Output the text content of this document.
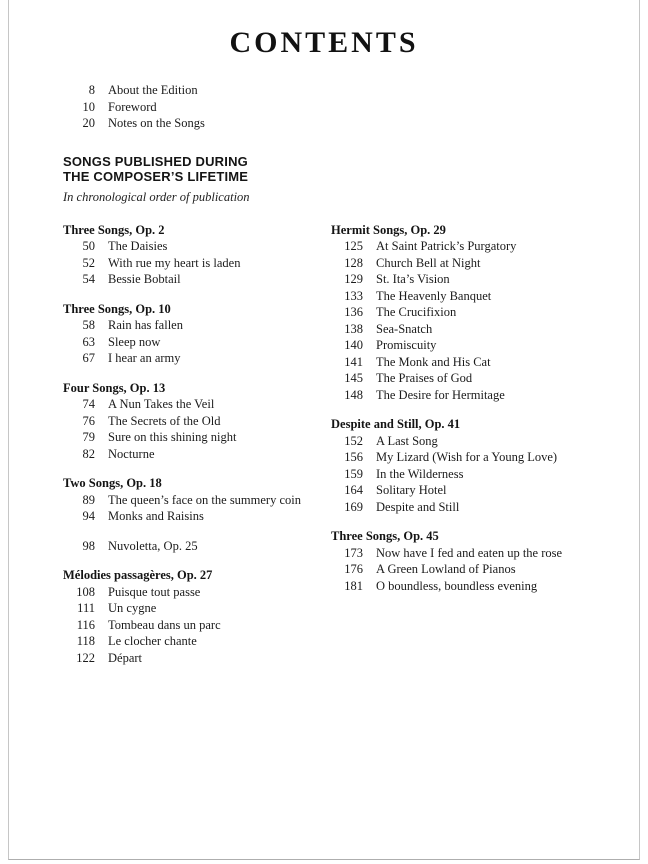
CONTENTS
8 About the Edition
10 Foreword
20 Notes on the Songs
SONGS PUBLISHED DURING
THE COMPOSER’S LIFETIME
In chronological order of publication
Three Songs, Op. 2
50 The Daisies
52 With rue my heart is laden
54 Bessie Bobtail
Three Songs, Op. 10
58 Rain has fallen
63 Sleep now
67 I hear an army
Four Songs, Op. 13
74 A Nun Takes the Veil
76 The Secrets of the Old
79 Sure on this shining night
82 Nocturne
Two Songs, Op. 18
89 The queen’s face on the summery coin
94 Monks and Raisins
98 Nuvoletta, Op. 25
Mélodies passagères, Op. 27
108 Puisque tout passe
111 Un cygne
116 Tombeau dans un parc
118 Le clocher chante
122 Départ
Hermit Songs, Op. 29
125 At Saint Patrick’s Purgatory
128 Church Bell at Night
129 St. Ita’s Vision
133 The Heavenly Banquet
136 The Crucifixion
138 Sea-Snatch
140 Promiscuity
141 The Monk and His Cat
145 The Praises of God
148 The Desire for Hermitage
Despite and Still, Op. 41
152 A Last Song
156 My Lizard (Wish for a Young Love)
159 In the Wilderness
164 Solitary Hotel
169 Despite and Still
Three Songs, Op. 45
173 Now have I fed and eaten up the rose
176 A Green Lowland of Pianos
181 O boundless, boundless evening
